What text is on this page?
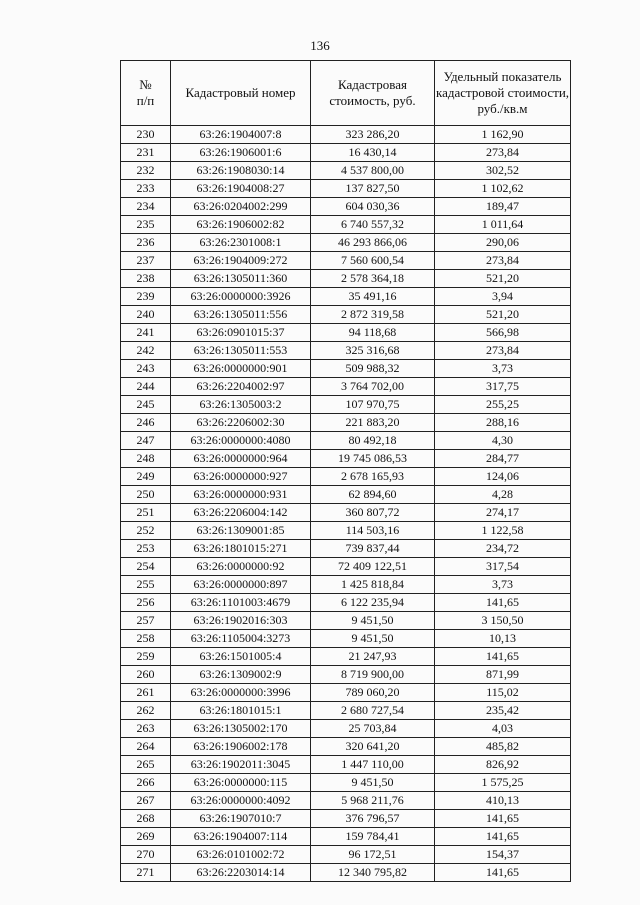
136
№
п/п	Кадастровый номер	Кадастровая стоимость, руб.	Удельный показатель кадастровой стоимости, руб./кв.м
230	63:26:1904007:8	323 286,20	1 162,90
231	63:26:1906001:6	16 430,14	273,84
232	63:26:1908030:14	4 537 800,00	302,52
233	63:26:1904008:27	137 827,50	1 102,62
234	63:26:0204002:299	604 030,36	189,47
235	63:26:1906002:82	6 740 557,32	1 011,64
236	63:26:2301008:1	46 293 866,06	290,06
237	63:26:1904009:272	7 560 600,54	273,84
238	63:26:1305011:360	2 578 364,18	521,20
239	63:26:0000000:3926	35 491,16	3,94
240	63:26:1305011:556	2 872 319,58	521,20
241	63:26:0901015:37	94 118,68	566,98
242	63:26:1305011:553	325 316,68	273,84
243	63:26:0000000:901	509 988,32	3,73
244	63:26:2204002:97	3 764 702,00	317,75
245	63:26:1305003:2	107 970,75	255,25
246	63:26:2206002:30	221 883,20	288,16
247	63:26:0000000:4080	80 492,18	4,30
248	63:26:0000000:964	19 745 086,53	284,77
249	63:26:0000000:927	2 678 165,93	124,06
250	63:26:0000000:931	62 894,60	4,28
251	63:26:2206004:142	360 807,72	274,17
252	63:26:1309001:85	114 503,16	1 122,58
253	63:26:1801015:271	739 837,44	234,72
254	63:26:0000000:92	72 409 122,51	317,54
255	63:26:0000000:897	1 425 818,84	3,73
256	63:26:1101003:4679	6 122 235,94	141,65
257	63:26:1902016:303	9 451,50	3 150,50
258	63:26:1105004:3273	9 451,50	10,13
259	63:26:1501005:4	21 247,93	141,65
260	63:26:1309002:9	8 719 900,00	871,99
261	63:26:0000000:3996	789 060,20	115,02
262	63:26:1801015:1	2 680 727,54	235,42
263	63:26:1305002:170	25 703,84	4,03
264	63:26:1906002:178	320 641,20	485,82
265	63:26:1902011:3045	1 447 110,00	826,92
266	63:26:0000000:115	9 451,50	1 575,25
267	63:26:0000000:4092	5 968 211,76	410,13
268	63:26:1907010:7	376 796,57	141,65
269	63:26:1904007:114	159 784,41	141,65
270	63:26:0101002:72	96 172,51	154,37
271	63:26:2203014:14	12 340 795,82	141,65
